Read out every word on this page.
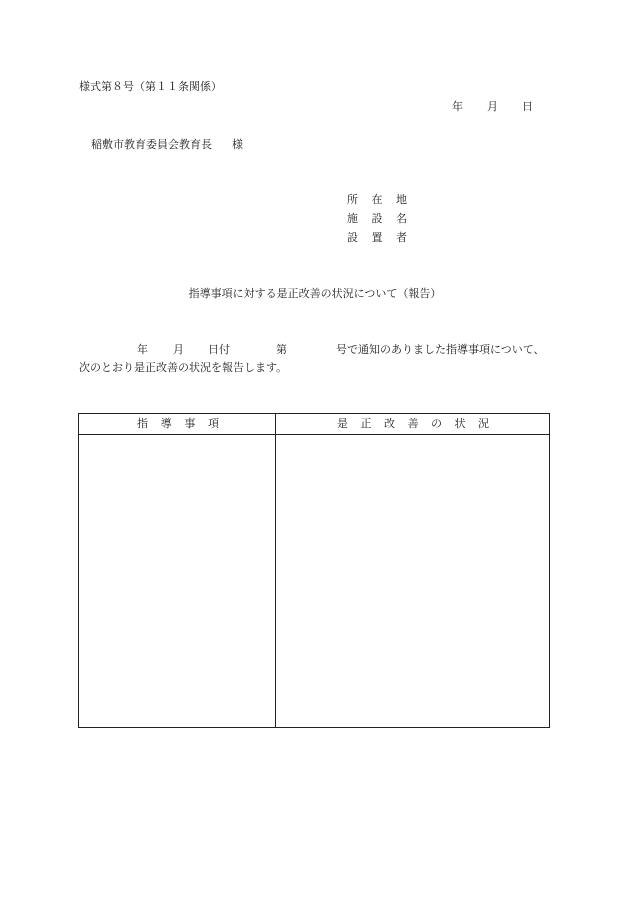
様式第８号（第１１条関係）
年 月 日
稲敷市教育委員会教育長 様
所 在 地
施 設 名
設 置 者
指導事項に対する是正改善の状況について（報告）
年 月 日付	第	号で通知のありました指導事項について、
次のとおり是正改善の状況を報告します。
指 導 事 項	是 正 改 善 の 状 況
